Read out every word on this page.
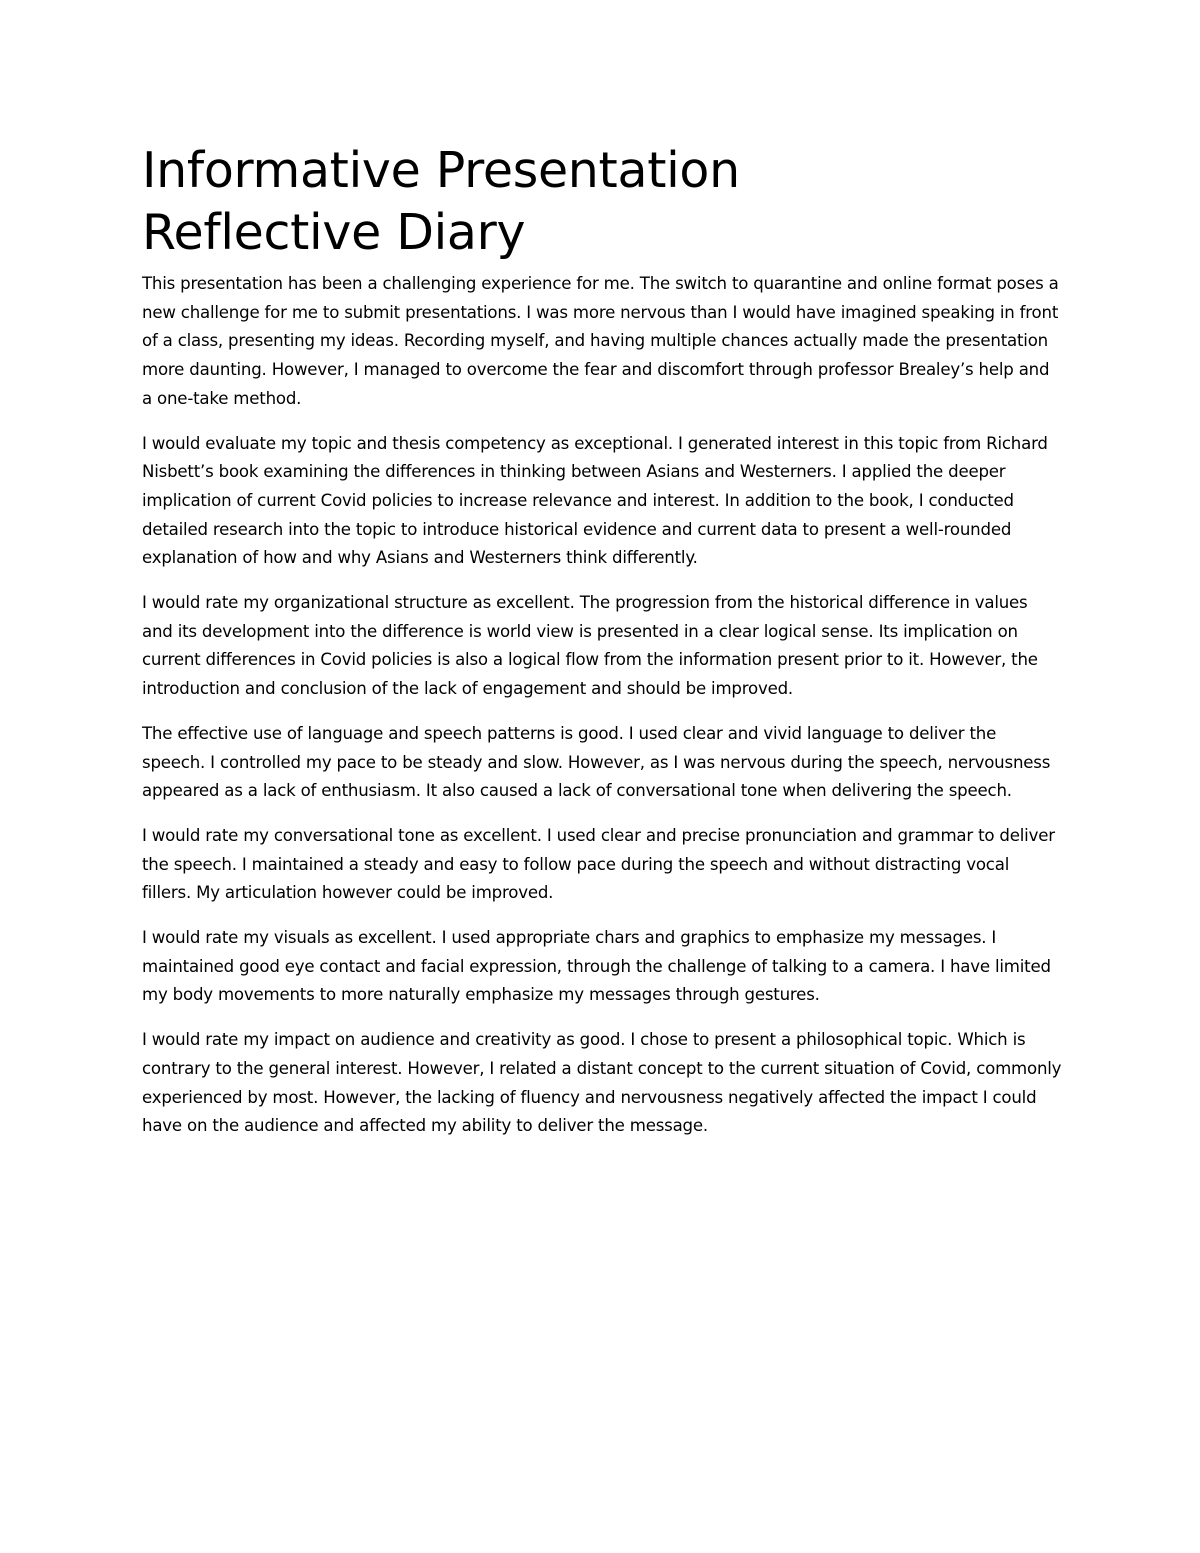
Informative Presentation
Reflective Diary

This presentation has been a challenging experience for me. The switch to quarantine and online format poses a new challenge for me to submit presentations. I was more nervous than I would have imagined speaking in front of a class, presenting my ideas. Recording myself, and having multiple chances actually made the presentation more daunting. However, I managed to overcome the fear and discomfort through professor Brealey’s help and a one-take method.

I would evaluate my topic and thesis competency as exceptional. I generated interest in this topic from Richard Nisbett’s book examining the differences in thinking between Asians and Westerners. I applied the deeper implication of current Covid policies to increase relevance and interest. In addition to the book, I conducted detailed research into the topic to introduce historical evidence and current data to present a well-rounded explanation of how and why Asians and Westerners think differently.

I would rate my organizational structure as excellent. The progression from the historical difference in values and its development into the difference is world view is presented in a clear logical sense. Its implication on current differences in Covid policies is also a logical flow from the information present prior to it. However, the introduction and conclusion of the lack of engagement and should be improved.

The effective use of language and speech patterns is good. I used clear and vivid language to deliver the speech. I controlled my pace to be steady and slow. However, as I was nervous during the speech, nervousness appeared as a lack of enthusiasm. It also caused a lack of conversational tone when delivering the speech.

I would rate my conversational tone as excellent. I used clear and precise pronunciation and grammar to deliver the speech. I maintained a steady and easy to follow pace during the speech and without distracting vocal fillers. My articulation however could be improved.

I would rate my visuals as excellent. I used appropriate chars and graphics to emphasize my messages. I maintained good eye contact and facial expression, through the challenge of talking to a camera. I have limited my body movements to more naturally emphasize my messages through gestures.

I would rate my impact on audience and creativity as good. I chose to present a philosophical topic. Which is contrary to the general interest. However, I related a distant concept to the current situation of Covid, commonly experienced by most. However, the lacking of fluency and nervousness negatively affected the impact I could have on the audience and affected my ability to deliver the message.
